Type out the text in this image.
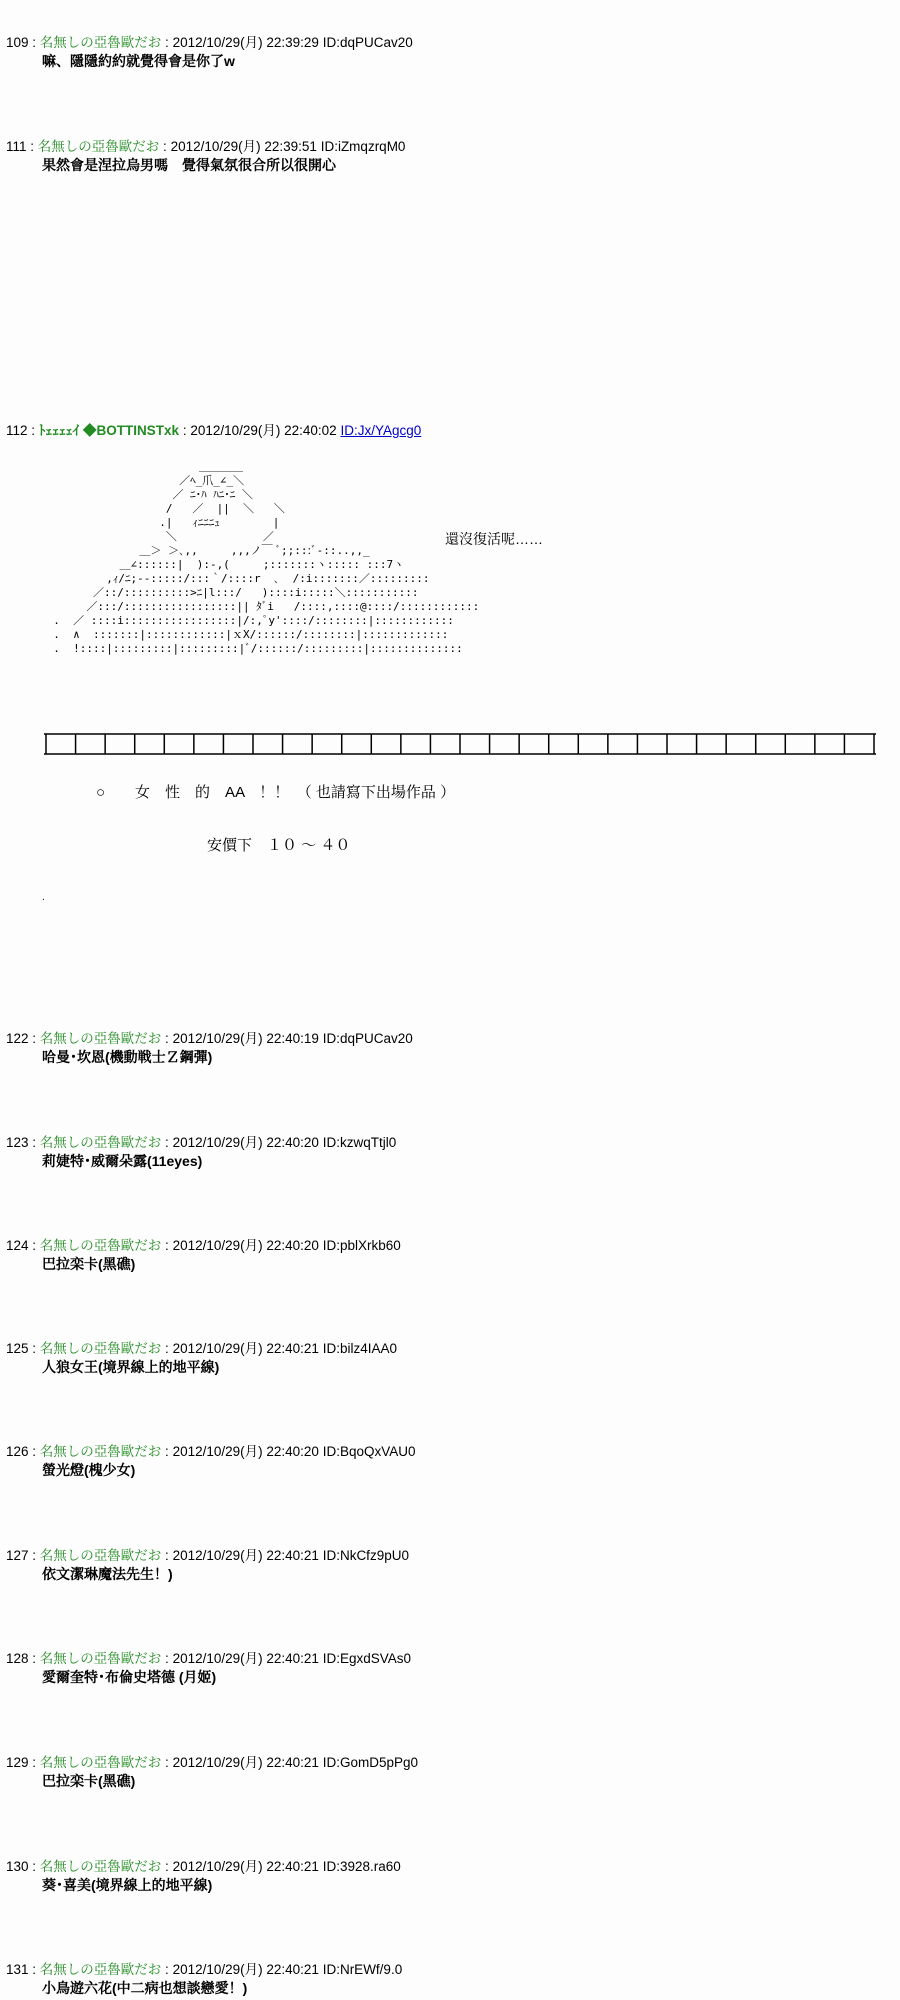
109 : 名無しの亞魯歐だお : 2012/10/29(月) 22:39:29 ID:dqPUCav20
嘛、隱隱約約就覺得會是你了w
111 : 名無しの亞魯歐だお : 2012/10/29(月) 22:39:51 ID:iZmqzrqM0
果然會是涅拉烏男嗎　覺得氣氛很合所以很開心
112 : ﾄｪｪｪｪｲ ◆BOTTINSTxk : 2012/10/29(月) 22:40:02 ID:Jx/YAgcg0
＿＿＿＿
／ﾍ_爪_∠_＼
／ ﾆ･ﾊ ﾊﾆ･ﾆ ＼
/   ／  ||  ＼   ＼
.|   ｨﾆﾆﾆｭ        |
＼             ／
＿＞ ＞､,,     ,,,ノ￣ ﾞ;;:::ﾞ-::..,,_
＿∠::::::|  ):-,(     ;:::::::ヽ::::: :::7ヽ
,ｨ/ﾆ;-‐:::::/:::｀/::::r  ､  /:i:::::::／:::::::::
／::/::::::::::>ﾆ|l:::/   )::::i:::::＼:::::::::::
／:::/:::::::::::::::::|| ﾀﾞi   /::::,::::@::::/::::::::::::
.  ／ ::::i:::::::::::::::::|/:,ﾟy'::::/::::::::|::::::::::::
.  ∧  :::::::|::::::::::::|ｘX/::::::/::::::::|:::::::::::::
.  !::::|:::::::::|:::::::::|ﾞ/::::::/:::::::::|::::::::::::::
還沒復活呢……
○　　女　性　的　AA　！！　（ 也請寫下出場作品 ）
安價下　１０ ～ ４０
.
122 : 名無しの亞魯歐だお : 2012/10/29(月) 22:40:19 ID:dqPUCav20
哈曼･坎恩(機動戦士Ｚ鋼彈)
123 : 名無しの亞魯歐だお : 2012/10/29(月) 22:40:20 ID:kzwqTtjl0
莉婕特･威爾朵露(11eyes)
124 : 名無しの亞魯歐だお : 2012/10/29(月) 22:40:20 ID:pblXrkb60
巴拉栾卡(黑礁)
125 : 名無しの亞魯歐だお : 2012/10/29(月) 22:40:21 ID:bilz4IAA0
人狼女王(境界線上的地平線)
126 : 名無しの亞魯歐だお : 2012/10/29(月) 22:40:20 ID:BqoQxVAU0
螢光燈(槐少女)
127 : 名無しの亞魯歐だお : 2012/10/29(月) 22:40:21 ID:NkCfz9pU0
依文潔琳魔法先生！)
128 : 名無しの亞魯歐だお : 2012/10/29(月) 22:40:21 ID:EgxdSVAs0
愛爾奎特･布倫史塔德 (月姬)
129 : 名無しの亞魯歐だお : 2012/10/29(月) 22:40:21 ID:GomD5pPg0
巴拉栾卡(黑礁)
130 : 名無しの亞魯歐だお : 2012/10/29(月) 22:40:21 ID:3928.ra60
葵･喜美(境界線上的地平線)
131 : 名無しの亞魯歐だお : 2012/10/29(月) 22:40:21 ID:NrEWf/9.0
小鳥遊六花(中二病也想談戀愛！)
